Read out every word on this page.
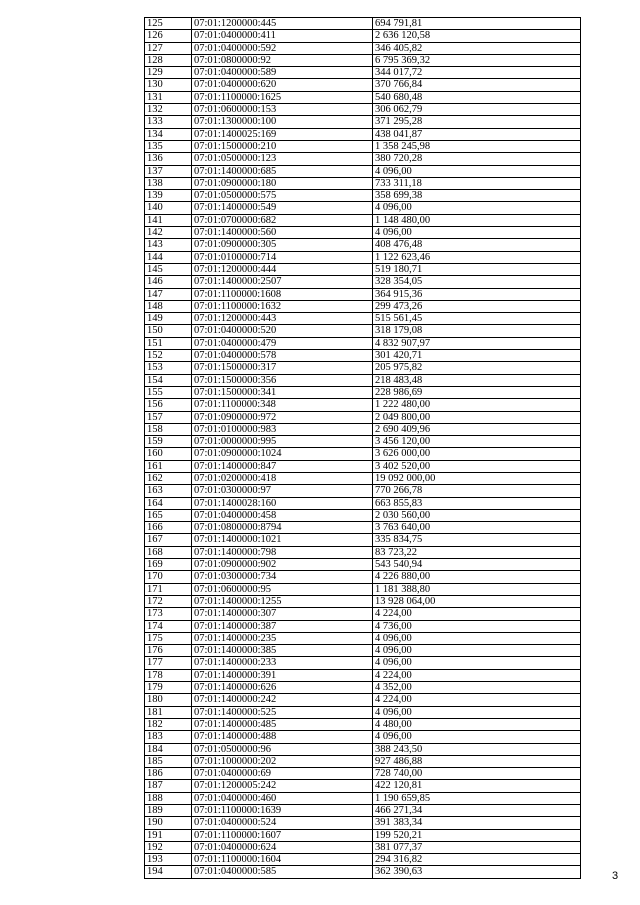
125	07:01:1200000:445	694 791,81
126	07:01:0400000:411	2 636 120,58
127	07:01:0400000:592	346 405,82
128	07:01:0800000:92	6 795 369,32
129	07:01:0400000:589	344 017,72
130	07:01:0400000:620	370 766,84
131	07:01:1100000:1625	540 680,48
132	07:01:0600000:153	306 062,79
133	07:01:1300000:100	371 295,28
134	07:01:1400025:169	438 041,87
135	07:01:1500000:210	1 358 245,98
136	07:01:0500000:123	380 720,28
137	07:01:1400000:685	4 096,00
138	07:01:0900000:180	733 311,18
139	07:01:0500000:575	358 699,38
140	07:01:1400000:549	4 096,00
141	07:01:0700000:682	1 148 480,00
142	07:01:1400000:560	4 096,00
143	07:01:0900000:305	408 476,48
144	07:01:0100000:714	1 122 623,46
145	07:01:1200000:444	519 180,71
146	07:01:1400000:2507	328 354,05
147	07:01:1100000:1608	364 915,36
148	07:01:1100000:1632	299 473,26
149	07:01:1200000:443	515 561,45
150	07:01:0400000:520	318 179,08
151	07:01:0400000:479	4 832 907,97
152	07:01:0400000:578	301 420,71
153	07:01:1500000:317	205 975,82
154	07:01:1500000:356	218 483,48
155	07:01:1500000:341	228 986,69
156	07:01:1100000:348	1 222 480,00
157	07:01:0900000:972	2 049 800,00
158	07:01:0100000:983	2 690 409,96
159	07:01:0000000:995	3 456 120,00
160	07:01:0900000:1024	3 626 000,00
161	07:01:1400000:847	3 402 520,00
162	07:01:0200000:418	19 092 000,00
163	07:01:0300000:97	770 266,78
164	07:01:1400028:160	663 855,83
165	07:01:0400000:458	2 030 560,00
166	07:01:0800000:8794	3 763 640,00
167	07:01:1400000:1021	335 834,75
168	07:01:1400000:798	83 723,22
169	07:01:0900000:902	543 540,94
170	07:01:0300000:734	4 226 880,00
171	07:01:0600000:95	1 181 388,80
172	07:01:1400000:1255	13 928 064,00
173	07:01:1400000:307	4 224,00
174	07:01:1400000:387	4 736,00
175	07:01:1400000:235	4 096,00
176	07:01:1400000:385	4 096,00
177	07:01:1400000:233	4 096,00
178	07:01:1400000:391	4 224,00
179	07:01:1400000:626	4 352,00
180	07:01:1400000:242	4 224,00
181	07:01:1400000:525	4 096,00
182	07:01:1400000:485	4 480,00
183	07:01:1400000:488	4 096,00
184	07:01:0500000:96	388 243,50
185	07:01:1000000:202	927 486,88
186	07:01:0400000:69	728 740,00
187	07:01:1200005:242	422 120,81
188	07:01:0400000:460	1 190 659,85
189	07:01:1100000:1639	466 271,34
190	07:01:0400000:524	391 383,34
191	07:01:1100000:1607	199 520,21
192	07:01:0400000:624	381 077,37
193	07:01:1100000:1604	294 316,82
194	07:01:0400000:585	362 390,63	3
